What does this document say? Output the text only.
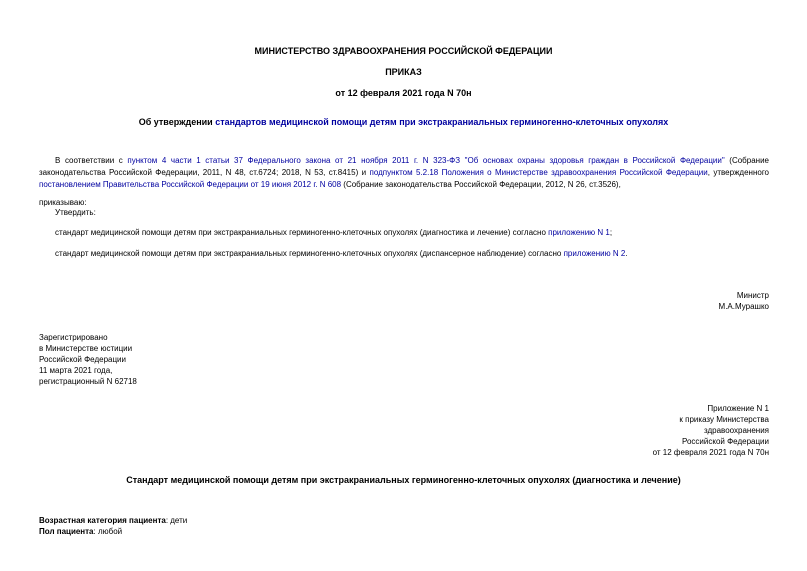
МИНИСТЕРСТВО ЗДРАВООХРАНЕНИЯ РОССИЙСКОЙ ФЕДЕРАЦИИ
ПРИКАЗ
от 12 февраля 2021 года N 70н
Об утверждении стандартов медицинской помощи детям при экстракраниальных герминогенно-клеточных опухолях
В соответствии с пунктом 4 части 1 статьи 37 Федерального закона от 21 ноября 2011 г. N 323-ФЗ "Об основах охраны здоровья граждан в Российской Федерации" (Собрание законодательства Российской Федерации, 2011, N 48, ст.6724; 2018, N 53, ст.8415) и подпунктом 5.2.18 Положения о Министерстве здравоохранения Российской Федерации, утвержденного постановлением Правительства Российской Федерации от 19 июня 2012 г. N 608 (Собрание законодательства Российской Федерации, 2012, N 26, ст.3526),
приказываю:
Утвердить:
стандарт медицинской помощи детям при экстракраниальных герминогенно-клеточных опухолях (диагностика и лечение) согласно приложению N 1;
стандарт медицинской помощи детям при экстракраниальных герминогенно-клеточных опухолях (диспансерное наблюдение) согласно приложению N 2.
Министр
М.А.Мурашко
Зарегистрировано
в Министерстве юстиции
Российской Федерации
11 марта 2021 года,
регистрационный N 62718
Приложение N 1
к приказу Министерства
здравоохранения
Российской Федерации
от 12 февраля 2021 года N 70н
Стандарт медицинской помощи детям при экстракраниальных герминогенно-клеточных опухолях (диагностика и лечение)
Возрастная категория пациента: дети
Пол пациента: любой
